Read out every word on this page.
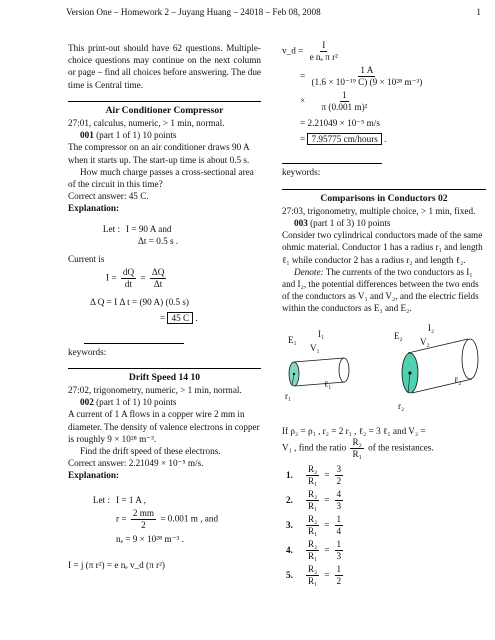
Version One – Homework 2 – Juyang Huang – 24018 – Feb 08, 2008	1
This print-out should have 62 questions. Multiple-choice questions may continue on the next column or page – find all choices before answering. The due time is Central time.
Air Conditioner Compressor
27:01, calculus, numeric, > 1 min, normal.
001 (part 1 of 1) 10 points
The compressor on an air conditioner draws 90 A when it starts up. The start-up time is about 0.5 s.
How much charge passes a cross-sectional area of the circuit in this time?
Correct answer: 45 C.
Explanation:
Let : I = 90 A and
Δt = 0.5 s .
Current is
$I = \frac{dQ}{dt} = \frac{\Delta Q}{\Delta t}$
Δ Q = I Δ t = (90 A) (0.5 s)
= 45 C .
keywords:
Drift Speed 14 10
27:02, trigonometry, numeric, > 1 min, normal.
002 (part 1 of 1) 10 points
A current of 1 A flows in a copper wire 2 mm in diameter. The density of valence electrons in copper is roughly 9 × 10²⁸ m⁻³.
Find the drift speed of these electrons.
Correct answer: 2.21049 × 10⁻⁵ m/s.
Explanation:
Let : I = 1 A ,
$r = \frac{2 mm}{2} = 0.001$ m , and
nₑ = 9 × 10²⁸ m⁻³ .
I = j (π r²) = e nₑ v_d (π r²)
v_d = $\frac{I}{\text{e nₑ π r²}}$
= $\frac{1 A}{\text{(1.6 × 10⁻¹⁹ C) (9 × 10²⁸ m⁻³)}}$
× $\frac{1}{\text{π (0.001 m)²}}$
= 2.21049 × 10⁻⁵ m/s
= 7.95775 cm/hours .
keywords:
Comparisons in Conductors 02
27:03, trigonometry, multiple choice, > 1 min, fixed.
003 (part 1 of 3) 10 points
Consider two cylindrical conductors made of the same ohmic material. Conductor 1 has a radius r₁ and length ℓ₁ while conductor 2 has a radius r₂ and length ℓ₂.
Denote: The currents of the two conductors as I₁ and I₂, the potential differences between the two ends of the conductors as V₁ and V₂, and the electric fields within the conductors as E₁ and E₂.
E₁
I₁
V₁
ℓ₁
r₁
E₂
I₂
V₂
ℓ₂
r₂
If ρ₂ = ρ₁ , r₂ = 2 r₁ , ℓ₂ = 3 ℓ₁ and V₂ =
V₁ , find the ratio $\frac{\text{R₂}}{\text{R₁}}$ of the resistances.
1.	$\frac{\text{R₂}}{\text{R₁}} = \frac{3}{2}$
2.	$\frac{\text{R₂}}{\text{R₁}} = \frac{4}{3}$
3.	$\frac{\text{R₂}}{\text{R₁}} = \frac{1}{4}$
4.	$\frac{\text{R₂}}{\text{R₁}} = \frac{1}{3}$
5.	$\frac{\text{R₂}}{\text{R₁}} = \frac{1}{2}$
